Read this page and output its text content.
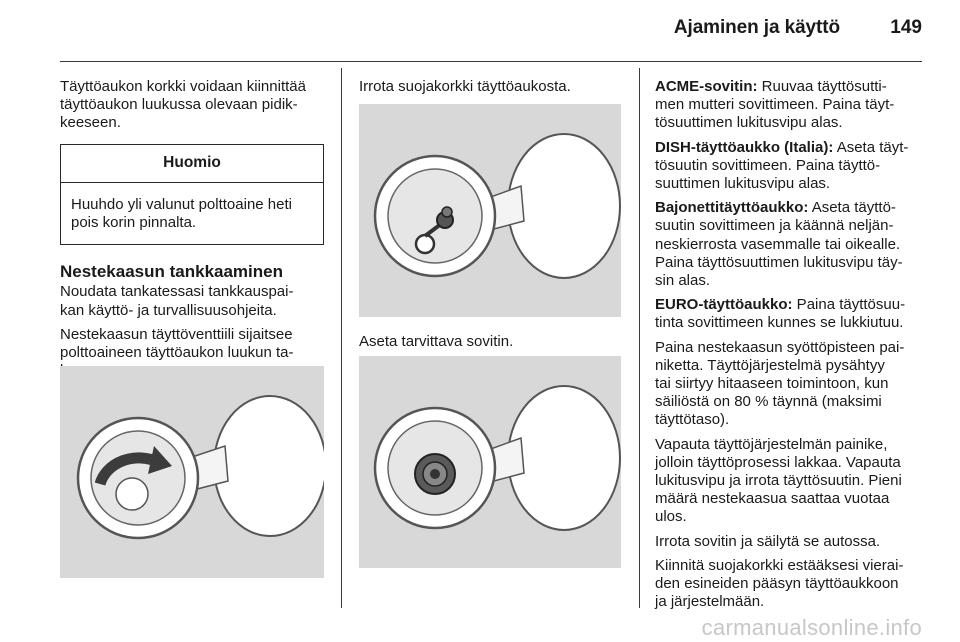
Ajaminen ja käyttö	149
Täyttöaukon korkki voidaan kiinnittää
täyttöaukon luukussa olevaan pidik-
keeseen.
Huomio
Huuhdo yli valunut polttoaine heti
pois korin pinnalta.
Nestekaasun tankkaaminen
Noudata tankatessasi tankkauspai-
kan käyttö- ja turvallisuusohjeita.
Nestekaasun täyttöventtiili sijaitsee
polttoaineen täyttöaukon luukun ta-
Irrota suojakorkki täyttöaukosta.
Aseta tarvittava sovitin.
ACME-sovitin: Ruuvaa täyttösutti-
men mutteri sovittimeen. Paina täyt-
tösuuttimen lukitusvipu alas.
DISH-täyttöaukko (Italia): Aseta täyt-
tösuutin sovittimeen. Paina täyttö-
suuttimen lukitusvipu alas.
Bajonettitäyttöaukko: Aseta täyttö-
suutin sovittimeen ja käännä neljän-
neskierrosta vasemmalle tai oikealle.
Paina täyttösuuttimen lukitusvipu täy-
sin alas.
EURO-täyttöaukko: Paina täyttösuu-
tinta sovittimeen kunnes se lukkiutuu.
Paina nestekaasun syöttöpisteen pai-
niketta. Täyttöjärjestelmä pysähtyy
tai siirtyy hitaaseen toimintoon, kun
säiliöstä on 80 % täynnä (maksimi
täyttötaso).
Vapauta täyttöjärjestelmän painike,
jolloin täyttöprosessi lakkaa. Vapauta
lukitusvipu ja irrota täyttösuutin. Pieni
määrä nestekaasua saattaa vuotaa
ulos.
Irrota sovitin ja säilytä se autossa.
Kiinnitä suojakorkki estääksesi vierai-
den esineiden pääsyn täyttöaukkoon
ja järjestelmään.
carmanualsonline.info
